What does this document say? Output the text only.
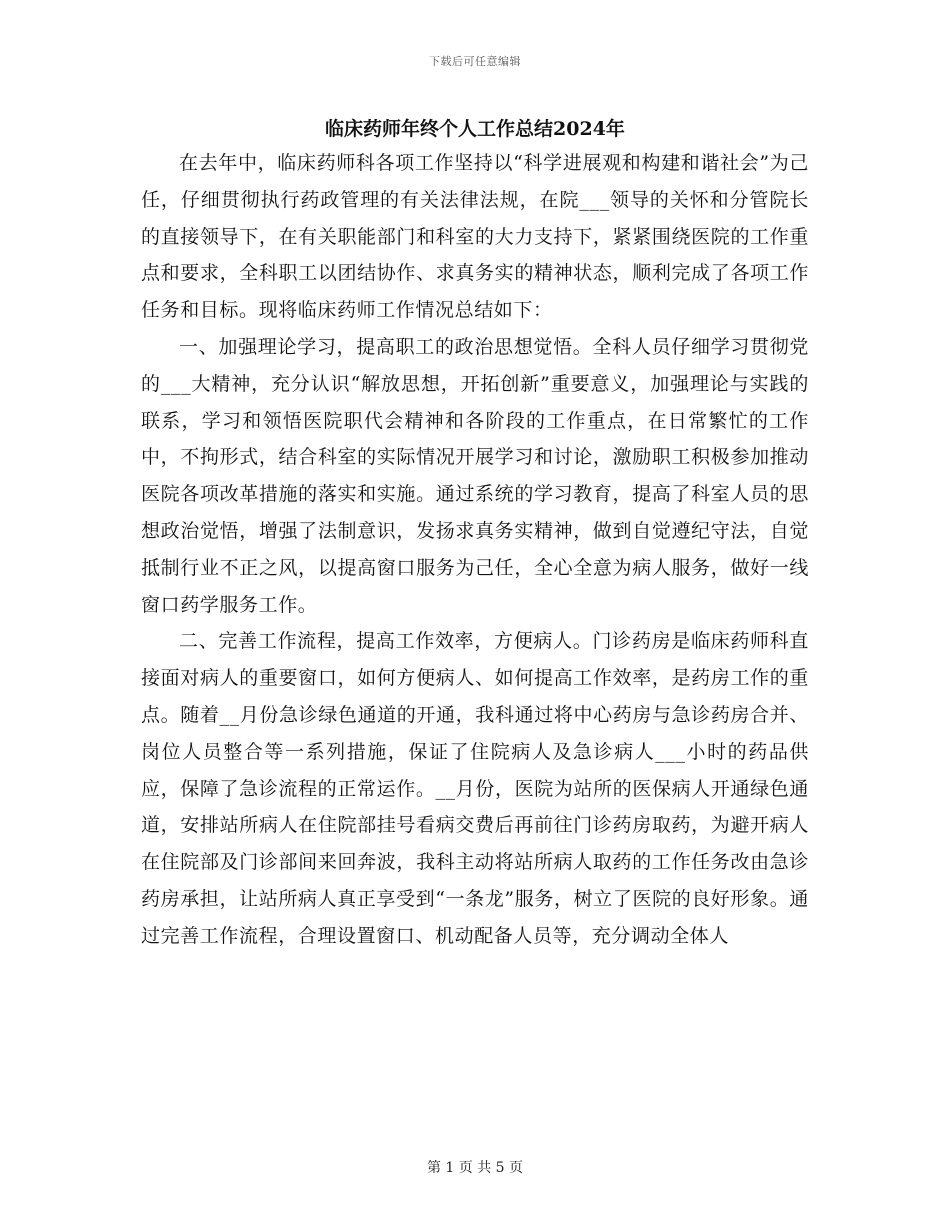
下载后可任意编辑
临床药师年终个人工作总结2024年

在去年中，临床药师科各项工作坚持以“科学进展观和构建和谐社会”为己任，仔细贯彻执行药政管理的有关法律法规，在院___领导的关怀和分管院长的直接领导下，在有关职能部门和科室的大力支持下，紧紧围绕医院的工作重点和要求，全科职工以团结协作、求真务实的精神状态，顺利完成了各项工作任务和目标。现将临床药师工作情况总结如下：

一、加强理论学习，提高职工的政治思想觉悟。全科人员仔细学习贯彻党的___大精神，充分认识“解放思想，开拓创新”重要意义，加强理论与实践的联系，学习和领悟医院职代会精神和各阶段的工作重点，在日常繁忙的工作中，不拘形式，结合科室的实际情况开展学习和讨论，激励职工积极参加推动医院各项改革措施的落实和实施。通过系统的学习教育，提高了科室人员的思想政治觉悟，增强了法制意识，发扬求真务实精神，做到自觉遵纪守法，自觉抵制行业不正之风，以提高窗口服务为己任，全心全意为病人服务，做好一线窗口药学服务工作。

二、完善工作流程，提高工作效率，方便病人。门诊药房是临床药师科直接面对病人的重要窗口，如何方便病人、如何提高工作效率，是药房工作的重点。随着__月份急诊绿色通道的开通，我科通过将中心药房与急诊药房合并、岗位人员整合等一系列措施，保证了住院病人及急诊病人___小时的药品供应，保障了急诊流程的正常运作。__月份，医院为站所的医保病人开通绿色通道，安排站所病人在住院部挂号看病交费后再前往门诊药房取药，为避开病人在住院部及门诊部间来回奔波，我科主动将站所病人取药的工作任务改由急诊药房承担，让站所病人真正享受到“一条龙”服务，树立了医院的良好形象。通过完善工作流程，合理设置窗口、机动配备人员等，充分调动全体人

第 1 页 共 5 页
